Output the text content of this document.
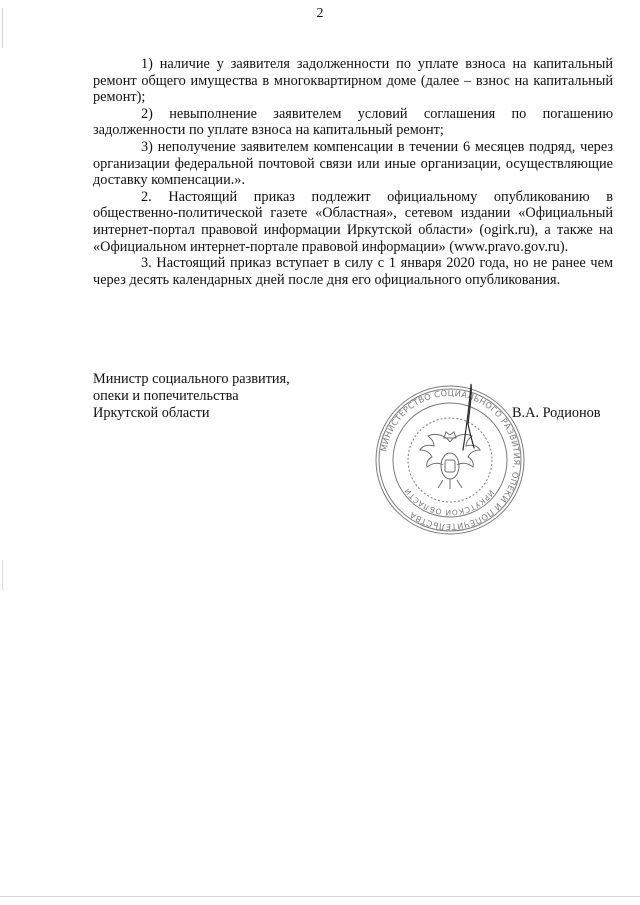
2

1) наличие у заявителя задолженности по уплате взноса на капитальный ремонт общего имущества в многоквартирном доме (далее – взнос на капитальный ремонт);

2) невыполнение заявителем условий соглашения по погашению задолженности по уплате взноса на капитальный ремонт;

3) неполучение заявителем компенсации в течении 6 месяцев подряд, через организации федеральной почтовой связи или иные организации, осуществляющие доставку компенсации.».

2. Настоящий приказ подлежит официальному опубликованию в общественно-политической газете «Областная», сетевом издании «Официальный интернет-портал правовой информации Иркутской области» (ogirk.ru), а также на «Официальном интернет-портале правовой информации» (www.pravo.gov.ru).

3. Настоящий приказ вступает в силу с 1 января 2020 года, но не ранее чем через десять календарных дней после дня его официального опубликования.

Министр социального развития,
опеки и попечительства
Иркутской области
МИНИСТЕРСТВО СОЦИАЛЬНОГО РАЗВИТИЯ, ОПЕКИ И ПОПЕЧИТЕЛЬСТВА
ИРКУТСКОЙ ОБЛАСТИ
В.А. Родионов
